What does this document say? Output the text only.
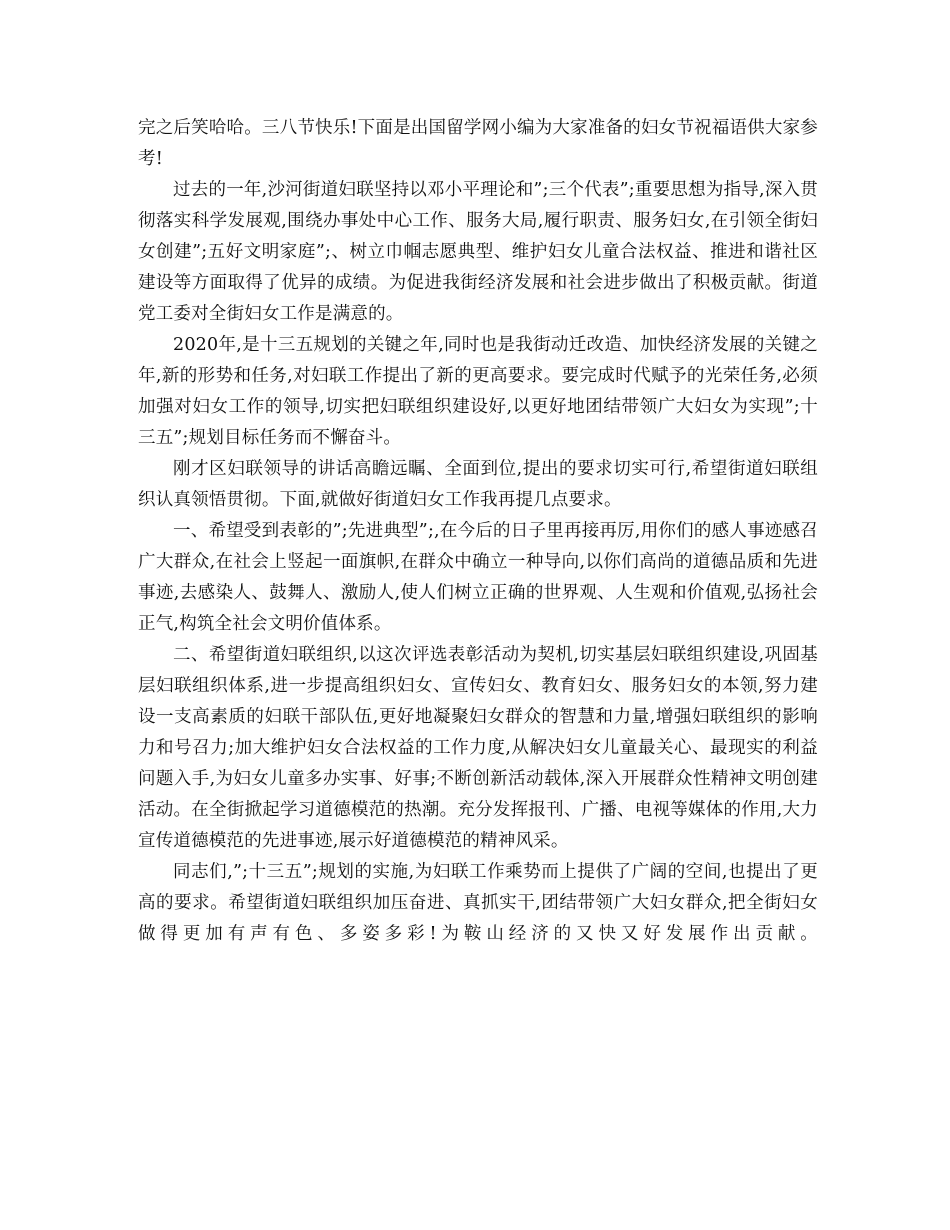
完之后笑哈哈。三八节快乐!下面是出国留学网小编为大家准备的妇女节祝福语供大家参考!

过去的一年,沙河街道妇联坚持以邓小平理论和”;三个代表”;重要思想为指导,深入贯彻落实科学发展观,围绕办事处中心工作、服务大局,履行职责、服务妇女,在引领全街妇女创建”;五好文明家庭”;、树立巾帼志愿典型、维护妇女儿童合法权益、推进和谐社区建设等方面取得了优异的成绩。为促进我街经济发展和社会进步做出了积极贡献。街道党工委对全街妇女工作是满意的。

2020年,是十三五规划的关键之年,同时也是我街动迁改造、加快经济发展的关键之年,新的形势和任务,对妇联工作提出了新的更高要求。要完成时代赋予的光荣任务,必须加强对妇女工作的领导,切实把妇联组织建设好,以更好地团结带领广大妇女为实现”;十三五”;规划目标任务而不懈奋斗。

刚才区妇联领导的讲话高瞻远瞩、全面到位,提出的要求切实可行,希望街道妇联组织认真领悟贯彻。下面,就做好街道妇女工作我再提几点要求。

一、希望受到表彰的”;先进典型”;,在今后的日子里再接再厉,用你们的感人事迹感召广大群众,在社会上竖起一面旗帜,在群众中确立一种导向,以你们高尚的道德品质和先进事迹,去感染人、鼓舞人、激励人,使人们树立正确的世界观、人生观和价值观,弘扬社会正气,构筑全社会文明价值体系。

二、希望街道妇联组织,以这次评选表彰活动为契机,切实基层妇联组织建设,巩固基层妇联组织体系,进一步提高组织妇女、宣传妇女、教育妇女、服务妇女的本领,努力建设一支高素质的妇联干部队伍,更好地凝聚妇女群众的智慧和力量,增强妇联组织的影响力和号召力;加大维护妇女合法权益的工作力度,从解决妇女儿童最关心、最现实的利益问题入手,为妇女儿童多办实事、好事;不断创新活动载体,深入开展群众性精神文明创建活动。在全街掀起学习道德模范的热潮。充分发挥报刊、广播、电视等媒体的作用,大力宣传道德模范的先进事迹,展示好道德模范的精神风采。

同志们,”;十三五”;规划的实施,为妇联工作乘势而上提供了广阔的空间,也提出了更高的要求。希望街道妇联组织加压奋进、真抓实干,团结带领广大妇女群众,把全街妇女做得更加有声有色、多姿多彩!为鞍山经济的又快又好发展作出贡献。
